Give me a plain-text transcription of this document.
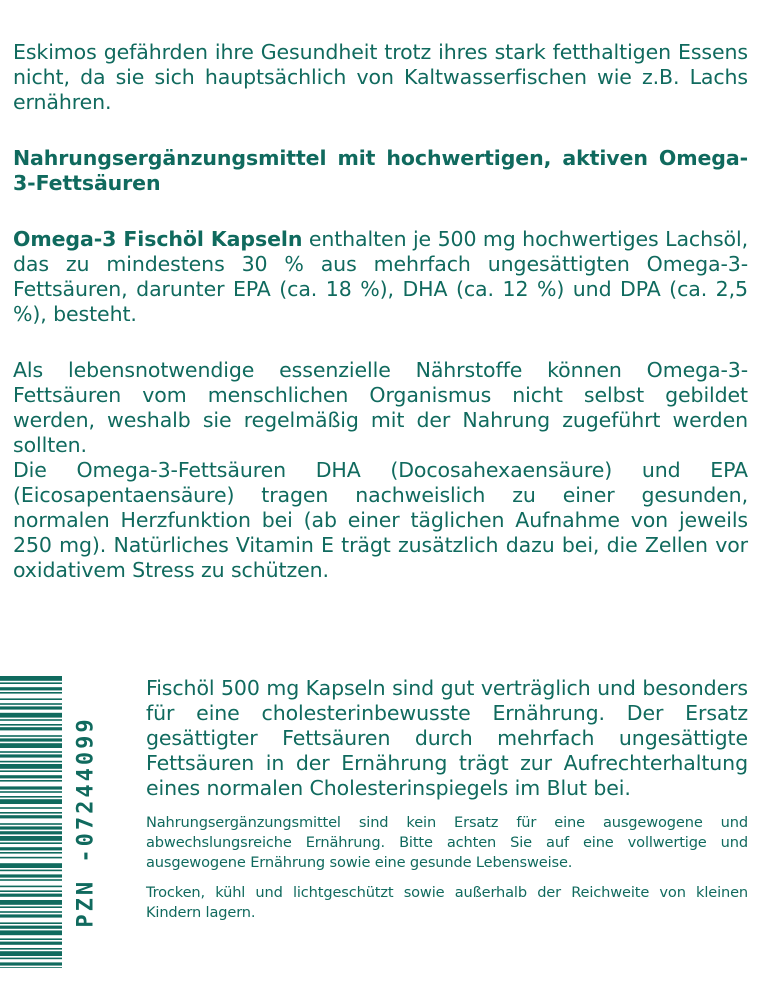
Eskimos gefährden ihre Gesundheit trotz ihres stark fetthaltigen Essens nicht, da sie sich hauptsächlich von Kaltwasserfischen wie z.B. Lachs ernähren.

Nahrungsergänzungsmittel mit hochwertigen, aktiven Omega-3-Fettsäuren

Omega-3 Fischöl Kapseln enthalten je 500 mg hochwertiges Lachsöl, das zu mindestens 30 % aus mehrfach ungesättigten Omega-3-Fettsäuren, darunter EPA (ca. 18 %), DHA (ca. 12 %) und DPA (ca. 2,5 %), besteht.

Als lebensnotwendige essenzielle Nährstoffe können Omega-3-Fettsäuren vom menschlichen Organismus nicht selbst gebildet werden, weshalb sie regelmäßig mit der Nahrung zugeführt werden sollten.

Die Omega-3-Fettsäuren DHA (Docosahexaensäure) und EPA (Eicosapentaensäure) tragen nachweislich zu einer gesunden, normalen Herzfunktion bei (ab einer täglichen Aufnahme von jeweils 250 mg). Natürliches Vitamin E trägt zusätzlich dazu bei, die Zellen vor oxidativem Stress zu schützen.

PZN -07244099

Fischöl 500 mg Kapseln sind gut verträglich und besonders für eine cholesterinbewusste Ernährung. Der Ersatz gesättigter Fettsäuren durch mehrfach ungesättigte Fettsäuren in der Ernährung trägt zur Aufrechterhaltung eines normalen Cholesterinspiegels im Blut bei.

Nahrungsergänzungsmittel sind kein Ersatz für eine ausgewogene und abwechslungsreiche Ernährung. Bitte achten Sie auf eine vollwertige und ausgewogene Ernährung sowie eine gesunde Lebensweise.

Trocken, kühl und lichtgeschützt sowie außerhalb der Reichweite von kleinen Kindern lagern.
